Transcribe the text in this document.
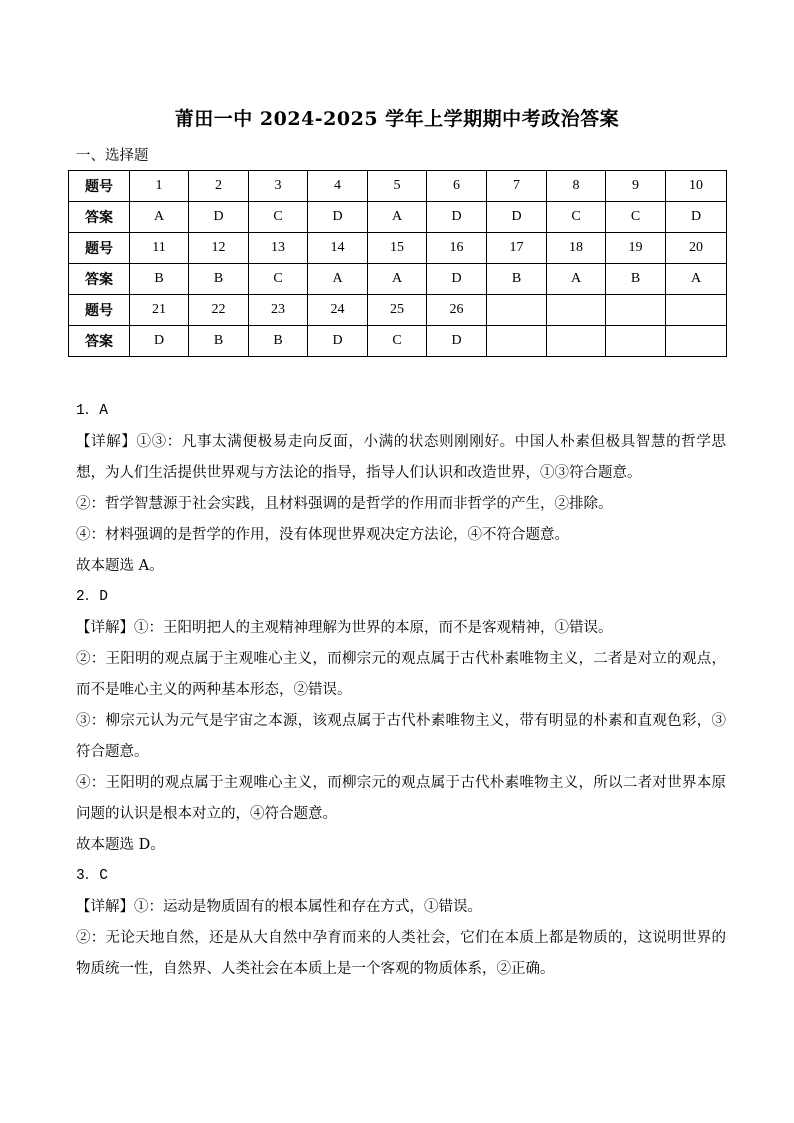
莆田一中 2024-2025 学年上学期期中考政治答案
一、选择题
题号	1	2	3	4	5	6	7	8	9	10
答案	A	D	C	D	A	D	D	C	C	D
题号	11	12	13	14	15	16	17	18	19	20
答案	B	B	C	A	A	D	B	A	B	A
题号	21	22	23	24	25	26				
答案	D	B	B	D	C	D				

1．A

【详解】①③：凡事太满便极易走向反面，小满的状态则刚刚好。中国人朴素但极具智慧的哲学思想，为人们生活提供世界观与方法论的指导，指导人们认识和改造世界，①③符合题意。

②：哲学智慧源于社会实践，且材料强调的是哲学的作用而非哲学的产生，②排除。

④：材料强调的是哲学的作用，没有体现世界观决定方法论，④不符合题意。

故本题选 A。

2．D

【详解】①：王阳明把人的主观精神理解为世界的本原，而不是客观精神，①错误。

②：王阳明的观点属于主观唯心主义，而柳宗元的观点属于古代朴素唯物主义，二者是对立的观点，而不是唯心主义的两种基本形态，②错误。

③：柳宗元认为元气是宇宙之本源，该观点属于古代朴素唯物主义，带有明显的朴素和直观色彩，③符合题意。

④：王阳明的观点属于主观唯心主义，而柳宗元的观点属于古代朴素唯物主义，所以二者对世界本原问题的认识是根本对立的，④符合题意。

故本题选 D。

3．C

【详解】①：运动是物质固有的根本属性和存在方式，①错误。

②：无论天地自然，还是从大自然中孕育而来的人类社会，它们在本质上都是物质的，这说明世界的物质统一性，自然界、人类社会在本质上是一个客观的物质体系，②正确。
